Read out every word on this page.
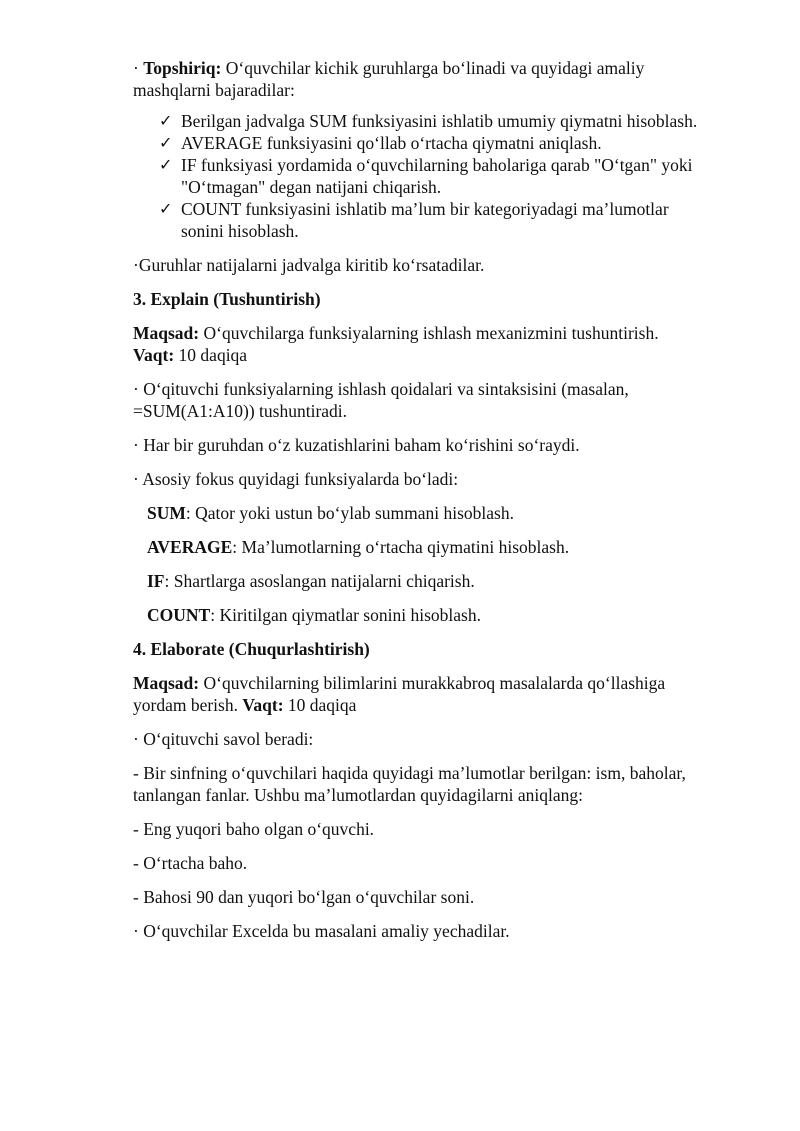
· Topshiriq: O‘quvchilar kichik guruhlarga bo‘linadi va quyidagi amaliy mashqlarni bajaradilar:

✓ Berilgan jadvalga SUM funksiyasini ishlatib umumiy qiymatni hisoblash.
✓ AVERAGE funksiyasini qo‘llab o‘rtacha qiymatni aniqlash.
✓ IF funksiyasi yordamida o‘quvchilarning baholariga qarab "O‘tgan" yoki "O‘tmagan" degan natijani chiqarish.
✓ COUNT funksiyasini ishlatib ma’lum bir kategoriyadagi ma’lumotlar sonini hisoblash.

·Guruhlar natijalarni jadvalga kiritib ko‘rsatadilar.

3. Explain (Tushuntirish)

Maqsad: O‘quvchilarga funksiyalarning ishlash mexanizmini tushuntirish.
Vaqt: 10 daqiqa

· O‘qituvchi funksiyalarning ishlash qoidalari va sintaksisini (masalan, =SUM(A1:A10)) tushuntiradi.

· Har bir guruhdan o‘z kuzatishlarini baham ko‘rishini so‘raydi.

· Asosiy fokus quyidagi funksiyalarda bo‘ladi:

SUM: Qator yoki ustun bo‘ylab summani hisoblash.

AVERAGE: Ma’lumotlarning o‘rtacha qiymatini hisoblash.

IF: Shartlarga asoslangan natijalarni chiqarish.

COUNT: Kiritilgan qiymatlar sonini hisoblash.

4. Elaborate (Chuqurlashtirish)

Maqsad: O‘quvchilarning bilimlarini murakkabroq masalalarda qo‘llashiga yordam berish. Vaqt: 10 daqiqa

· O‘qituvchi savol beradi:

- Bir sinfning o‘quvchilari haqida quyidagi ma’lumotlar berilgan: ism, baholar, tanlangan fanlar. Ushbu ma’lumotlardan quyidagilarni aniqlang:

- Eng yuqori baho olgan o‘quvchi.

- O‘rtacha baho.

- Bahosi 90 dan yuqori bo‘lgan o‘quvchilar soni.

· O‘quvchilar Excelda bu masalani amaliy yechadilar.
